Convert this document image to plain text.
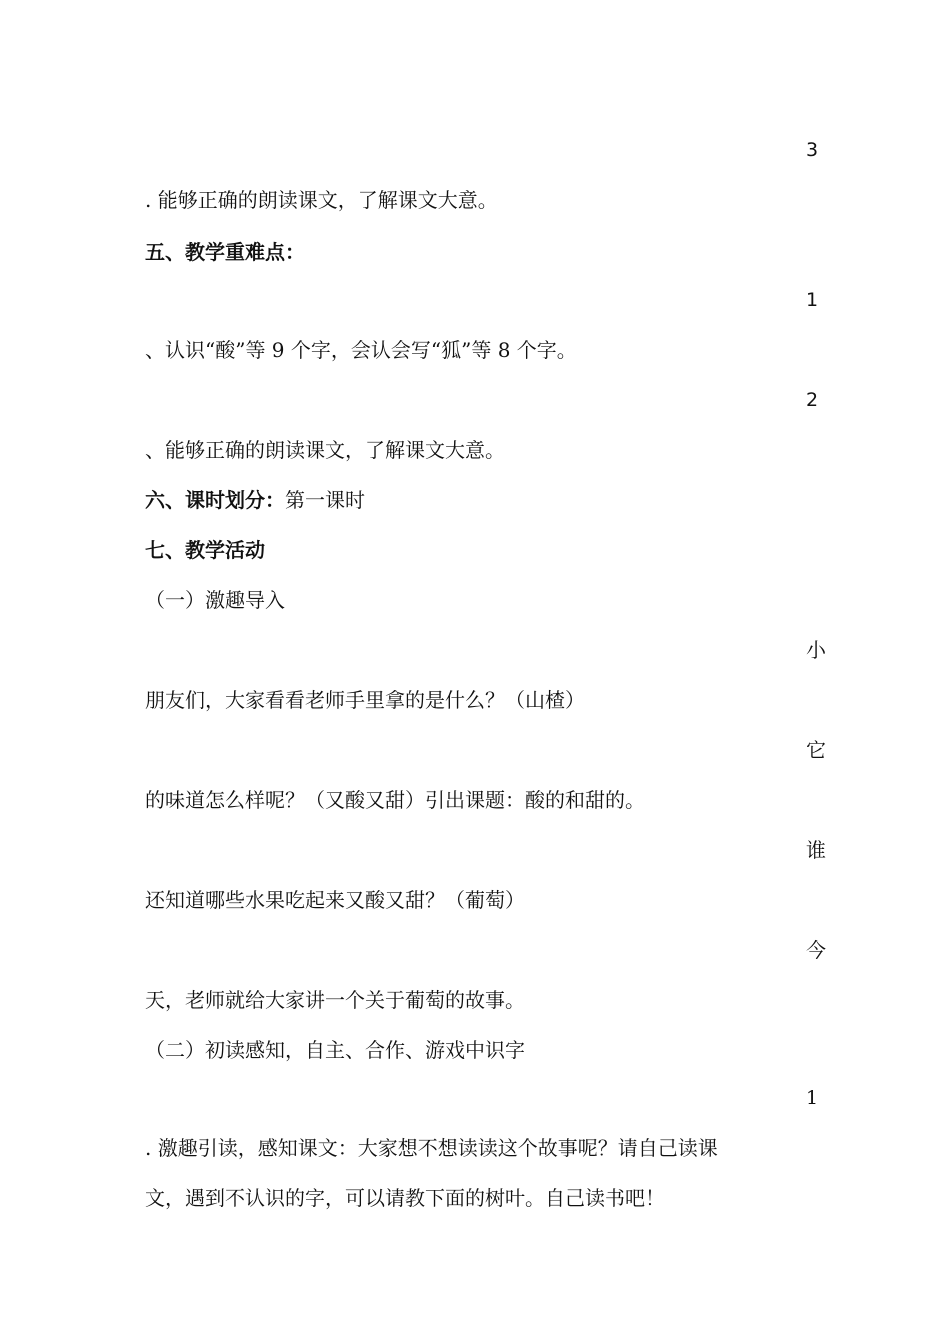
3
. 能够正确的朗读课文，了解课文大意。
五、教学重难点：
1
、认识“酸”等 9 个字，会认会写“狐”等 8 个字。
2
、能够正确的朗读课文，了解课文大意。
六、课时划分：第一课时
七、教学活动
（一）激趣导入
小
朋友们，大家看看老师手里拿的是什么？（山楂）
它
的味道怎么样呢？（又酸又甜）引出课题：酸的和甜的。
谁
还知道哪些水果吃起来又酸又甜？（葡萄）
今
天，老师就给大家讲一个关于葡萄的故事。
（二）初读感知，自主、合作、游戏中识字
1
. 激趣引读，感知课文：大家想不想读读这个故事呢？请自己读课
文，遇到不认识的字，可以请教下面的树叶。自己读书吧！
